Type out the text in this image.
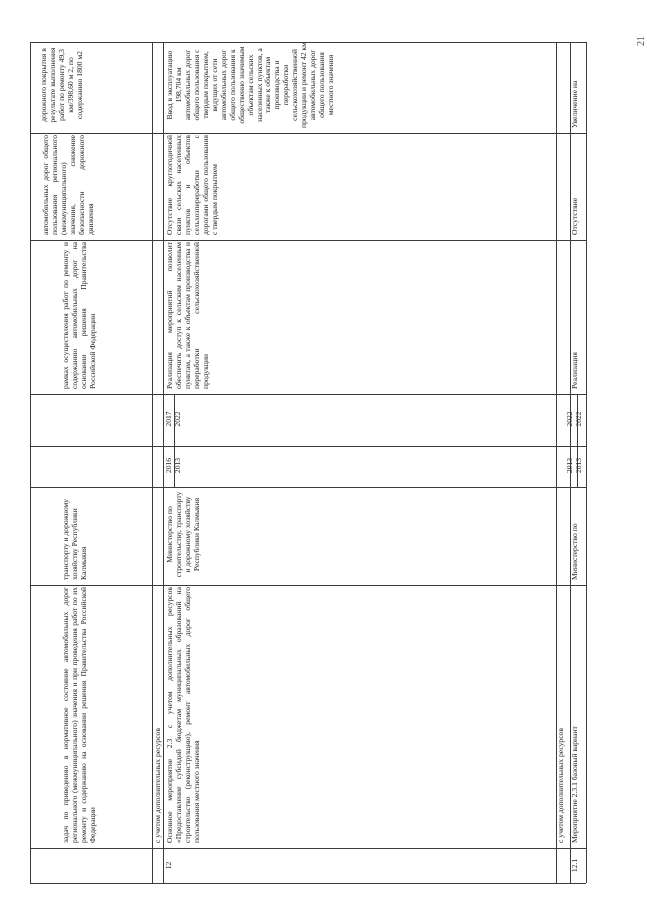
21
задач по приведению в нормативное состояние автомобильных дорог регионального (межмуниципального) значения и при проведения работ по их ремонту и содержанию на основании решения Правительства Российской Федерации
транспорту и дорожному хозяйству Республики Калмыкия
рамках осуществления работ по ремонту и содержанию автомобильных дорог на основании решения Правительства Российской Федерации
автомобильных дорог общего пользования регионального (межмуниципального) значения, снижение безопасности дорожного движения
дорожного покрытия в результате выполнения работ по ремонту 49,3 км/398,60 м 2, по содержанию 1800 м2
с учетом дополнительных ресурсов
12
Основное мероприятие 2.3 с учетом дополнительных ресурсов «Предоставление субсидий бюджетам муниципальных образований на строительство (реконструкцию), ремонт автомобильных дорог общего пользования местного значения
Министерство по строительству, транспорту и дорожному хозяйству Республики Калмыкия
2016
2013
2017
2022
Реализация мероприятий позволит обеспечить доступ к сельским населенным пунктам, а также к объектам производства и переработки сельскохозяйственной продукции
Отсутствие круглогодичной связи сельских населенных пунктов и объектов сельхозпереработки с дорогами общего пользования с твердым покрытием
Ввод в эксплуатацию 198,704 км автомобильных дорог общего пользования с твердым покрытием, ведущих от сети автомобильных дорог общего пользования к общественно значимым объектам сельских населенных пунктов, а также к объектам производства и переработки сельскохозяйственной продукции и ремонт 42 км автомобильных дорог общего пользования местного значения
с учетом дополнительных ресурсов
12.1
Мероприятие 2.3.1 базовый вариант
Министерство по
2013
2013
2022
2022
Реализация
Отсутствие
Увеличение на
